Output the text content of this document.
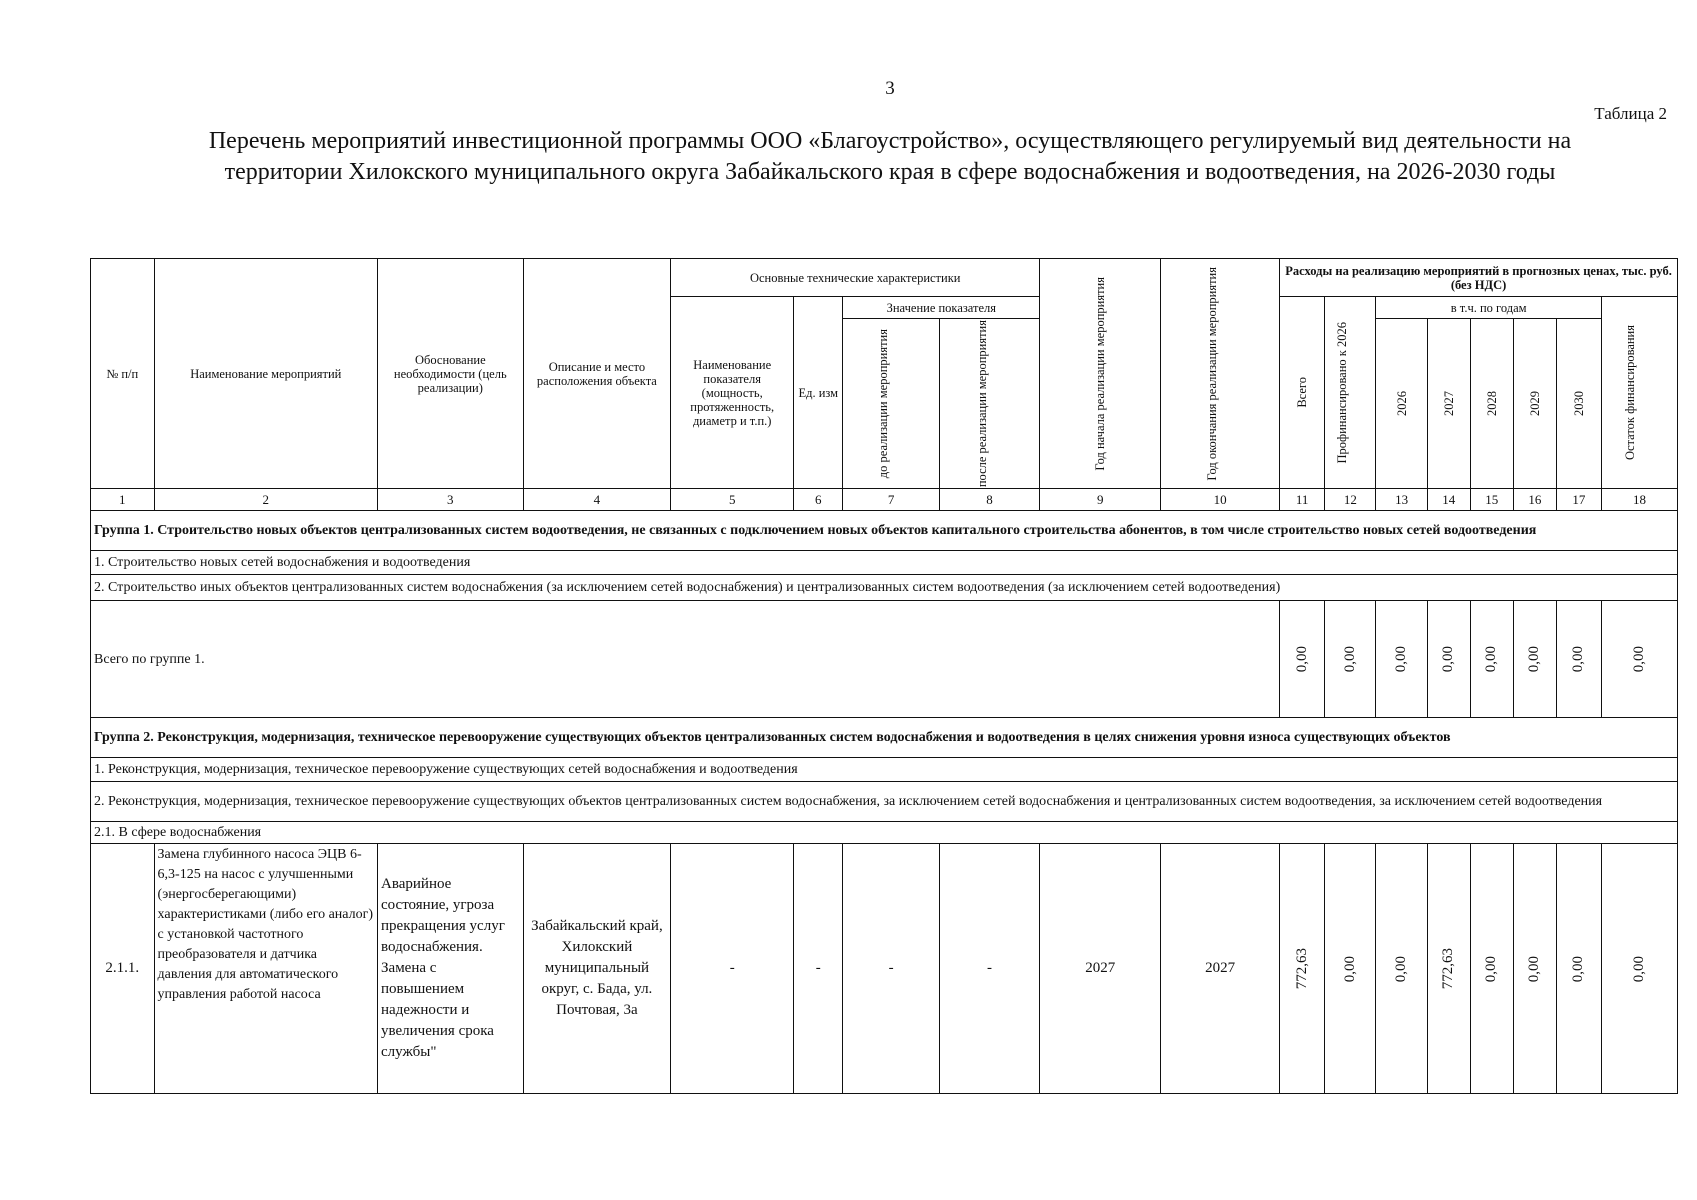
3
Таблица 2
Перечень мероприятий инвестиционной программы ООО «Благоустройство», осуществляющего регулируемый вид деятельности на территории Хилокского муниципального округа Забайкальского края в сфере водоснабжения и водоотведения, на 2026-2030 годы
№ п/п	Наименование мероприятий	Обоснование необходимости (цель реализации)	Описание и место расположения объекта	Основные технические характеристики				Год начала реализации мероприятия	Год окончания реализации мероприятия	Расходы на реализацию мероприятий в прогнозных ценах, тыс. руб. (без НДС)							
				Наименование показателя (мощность, протяженность, диаметр и т.п.)	Ед. изм	Значение показателя				Всего	Профинансировано к 2026	в т.ч. по годам					Остаток финансирования

						до реализации мероприятия	после реализации мероприятия					2026	2027	2028	2029	2030	

1	2	3	4	5	6	7	8	9	10	11	12	13	14	15	16	17	18
Группа 1. Строительство новых объектов централизованных систем водоотведения, не связанных с подключением новых объектов капитального строительства абонентов, в том числе строительство новых сетей водоотведения																	
1. Строительство новых сетей водоснабжения и водоотведения																	
2. Строительство иных объектов централизованных систем водоснабжения (за исключением сетей водоснабжения) и централизованных систем водоотведения (за исключением сетей водоотведения)																	
Всего по группе 1.										0,00	0,00	0,00	0,00	0,00	0,00	0,00	0,00

Группа 2. Реконструкция, модернизация, техническое перевооружение существующих объектов централизованных систем водоснабжения и водоотведения в целях снижения уровня износа существующих объектов																	
1. Реконструкция, модернизация, техническое перевооружение существующих сетей водоснабжения и водоотведения																	
2. Реконструкция, модернизация, техническое перевооружение существующих объектов централизованных систем водоснабжения, за исключением сетей водоснабжения и централизованных систем водоотведения, за исключением сетей водоотведения																	
2.1. В сфере водоснабжения																	
2.1.1.	Замена глубинного насоса ЭЦВ 6-6,3-125 на насос с улучшенными (энергосберегающими) характеристиками (либо его аналог) с установкой частотного преобразователя и датчика давления для автоматического управления работой насоса	Аварийное состояние, угроза прекращения услуг водоснабжения. Замена с повышением надежности и увеличения срока службы"	Забайкальский край, Хилокский муниципальный округ, с. Бада, ул. Почтовая, 3а	-	-	-	-	2027	2027	772,63	0,00	0,00	772,63	0,00	0,00	0,00	0,00
